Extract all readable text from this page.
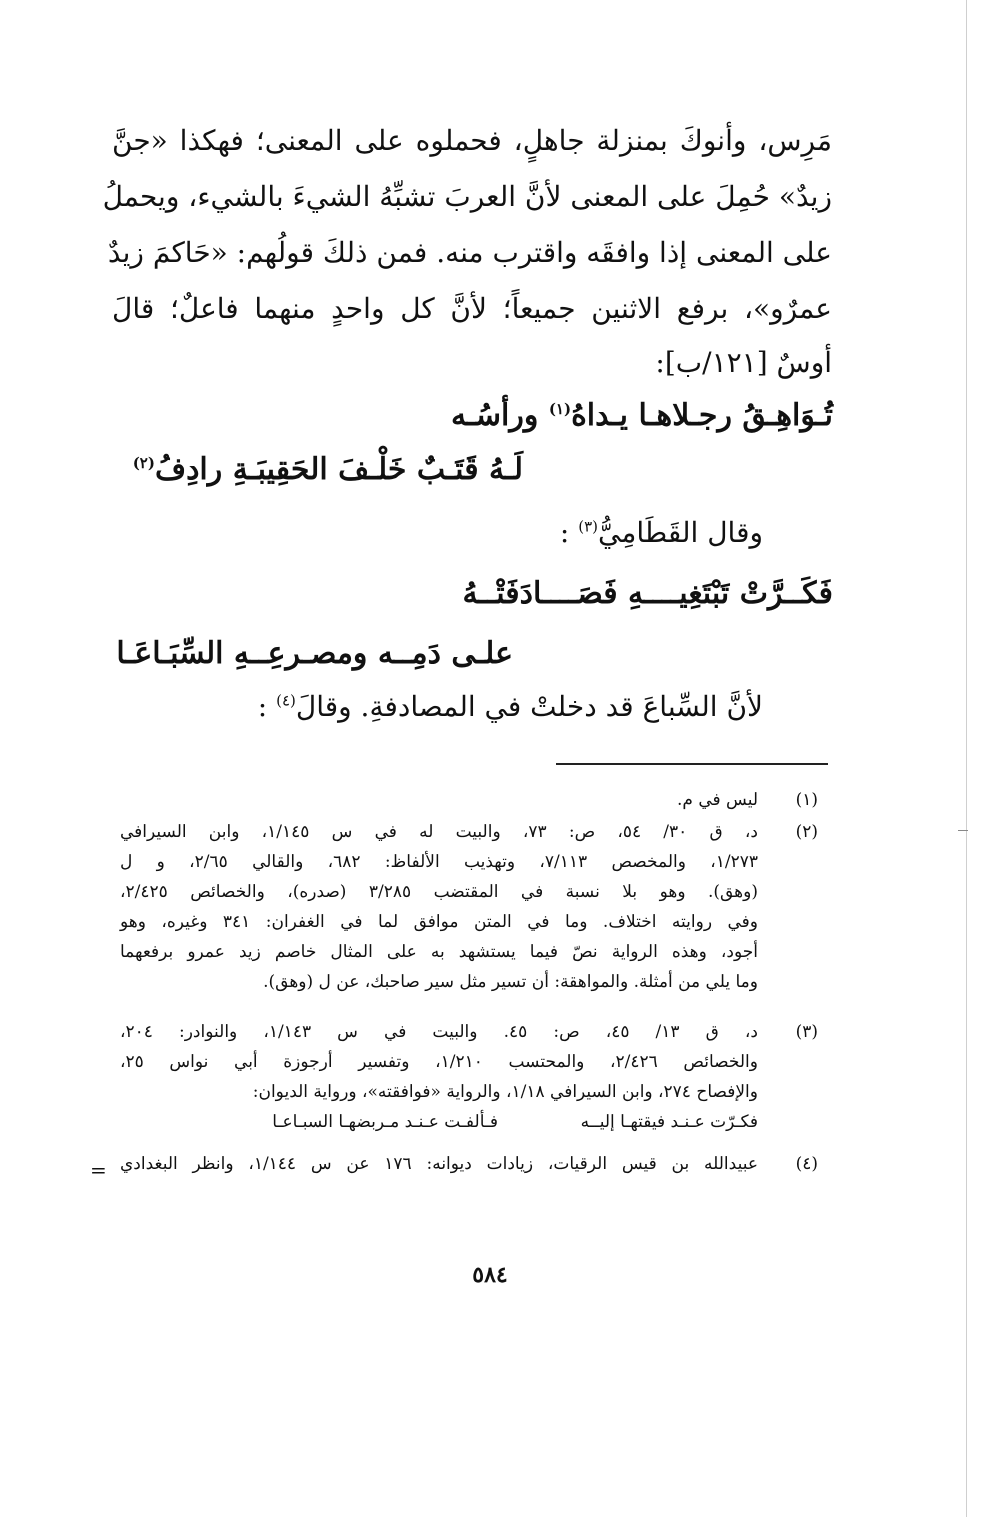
مَرِس، وأنوكَ بمنزلة جاهلٍ، فحملوه على المعنى؛ فهكذا «جنَّ
زيدٌ» حُمِلَ على المعنى لأنَّ العربَ تشبِّهُ الشيءَ بالشيء، ويحملُ
على المعنى إذا وافقَه واقترب منه. فمن ذلكَ قولُهم: «حَاكمَ زيدٌ
عمرٌو»، برفع الاثنين جميعاً؛ لأنَّ كل واحدٍ منهما فاعلٌ؛ قالَ
أوسٌ [١٢١/ب]:
تُـوَاهِـقُ رجـلاهـا يـداهُ$^{(١)}$ ورأسُـه
لَـهُ قَتَـبٌ خَلْـفَ الحَقِيبَـةِ رادِفُ$^{(٢)}$
وقال القَطَامِيُّ$^{(٣)}$ :
فَكَــرَّتْ تَبْتَغِيــــهِ فَصَــــادَفَتْــهُ
علـى دَمِــه ومصـرعِــهِ السِّبَـاعَـا
لأنَّ السِّباعَ قد دخلتْ في المصادفةِ. وقالَ$^{(٤)}$ :
(١)
ليس في م.
(٢)
د، ق ٣٠/ ٥٤، ص: ٧٣، والبيت له في س ١/١٤٥، وابن السيرافي
١/٢٧٣، والمخصص ٧/١١٣، وتهذيب الألفاظ: ٦٨٢، والقالي ٢/٦٥، و ل
(وهق). وهو بلا نسبة في المقتضب ٣/٢٨٥ (صدره)، والخصائص ٢/٤٢٥،
وفي روايته اختلاف. وما في المتن موافق لما في الغفران: ٣٤١ وغيره، وهو
أجود، وهذه الرواية نصّ فيما يستشهد به على المثال خاصم زيد عمرو برفعهما
وما يلي من أمثلة. والمواهقة: أن تسير مثل سير صاحبك، عن ل (وهق).
(٣)
د، ق ١٣/ ٤٥، ص: ٤٥. والبيت في س ١/١٤٣، والنوادر: ٢٠٤،
والخصائص ٢/٤٢٦، والمحتسب ١/٢١٠، وتفسير أرجوزة أبي نواس ٢٥،
والإفصاح ٢٧٤، وابن السيرافي ١/١٨، والرواية «فوافقته»، ورواية الديوان:
فكـرّت عـنـد فيقتهـا إليــه
فـألفـت عـنـد مـربضهـا السبـاعـا
(٤)
عبيدالله بن قيس الرقيات، زيادات ديوانه: ١٧٦ عن س ١/١٤٤، وانظر البغدادي
=
٥٨٤
